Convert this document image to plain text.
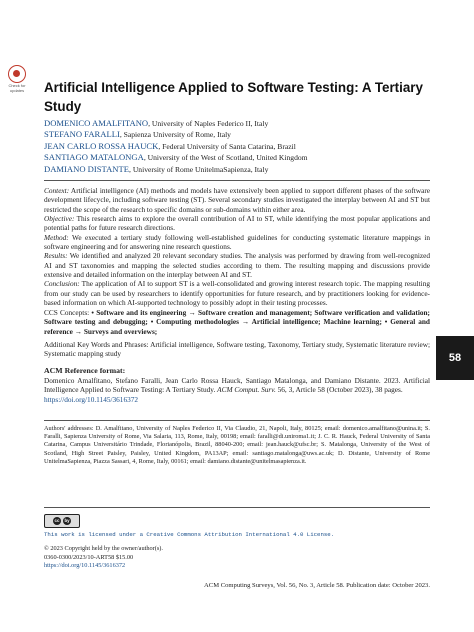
Check for updates	Artificial Intelligence Applied to Software Testing: A Tertiary Study
DOMENICO AMALFITANO, University of Naples Federico II, Italy
STEFANO FARALLI, Sapienza University of Rome, Italy
JEAN CARLO ROSSA HAUCK, Federal University of Santa Catarina, Brazil
SANTIAGO MATALONGA, University of the West of Scotland, United Kingdom
DAMIANO DISTANTE, University of Rome UnitelmaSapienza, Italy

Context: Artificial intelligence (AI) methods and models have extensively been applied to support different phases of the software development lifecycle, including software testing (ST). Several secondary studies investigated the interplay between AI and ST but restricted the scope of the research to specific domains or sub-domains within either area.

Objective: This research aims to explore the overall contribution of AI to ST, while identifying the most popular applications and potential paths for future research directions.

Method: We executed a tertiary study following well-established guidelines for conducting systematic literature mappings in software engineering and for answering nine research questions.

Results: We identified and analyzed 20 relevant secondary studies. The analysis was performed by drawing from well-recognized AI and ST taxonomies and mapping the selected studies according to them. The resulting mapping and discussions provide extensive and detailed information on the interplay between AI and ST.

Conclusion: The application of AI to support ST is a well-consolidated and growing interest research topic. The mapping resulting from our study can be used by researchers to identify opportunities for future research, and by practitioners looking for evidence-based information on which AI-supported technology to possibly adopt in their testing processes.

CCS Concepts: • Software and its engineering → Software creation and management; Software verification and validation; Software testing and debugging; • Computing methodologies → Artificial intelligence; Machine learning; • General and reference → Surveys and overviews;
Additional Key Words and Phrases: Artificial intelligence, Software testing, Taxonomy, Tertiary study, Systematic literature review; Systematic mapping study
ACM Reference format:
Domenico Amalfitano, Stefano Faralli, Jean Carlo Rossa Hauck, Santiago Matalonga, and Damiano Distante. 2023. Artificial Intelligence Applied to Software Testing: A Tertiary Study. ACM Comput. Surv. 56, 3, Article 58 (October 2023), 38 pages.
https://doi.org/10.1145/3616372
Authors' addresses: D. Amalfitano, University of Naples Federico II, Via Claudio, 21, Napoli, Italy, 80125; email: domenico.amalfitano@unina.it; S. Faralli, Sapienza University of Rome, Via Salaria, 113, Rome, Italy, 00198; email: faralli@di.uniroma1.it; J. C. R. Hauck, Federal University of Santa Catarina, Campus Universitário Trindade, Florianópolis, Brazil, 88040-200; email: jean.hauck@ufsc.br; S. Matalonga, University of the West of Scotland, High Street Paisley, Paisley, United Kingdom, PA13AP; email: santiago.matalonga@uws.ac.uk; D. Distante, University of Rome UnitelmaSapienza, Piazza Sassari, 4, Rome, Italy, 00161; email: damiano.distante@unitelmasapienza.it.
cc	by
This work is licensed under a Creative Commons Attribution International 4.0 License.
© 2023 Copyright held by the owner/author(s).
0360-0300/2023/10-ART58 $15.00
https://doi.org/10.1145/3616372
ACM Computing Surveys, Vol. 56, No. 3, Article 58. Publication date: October 2023.
58
